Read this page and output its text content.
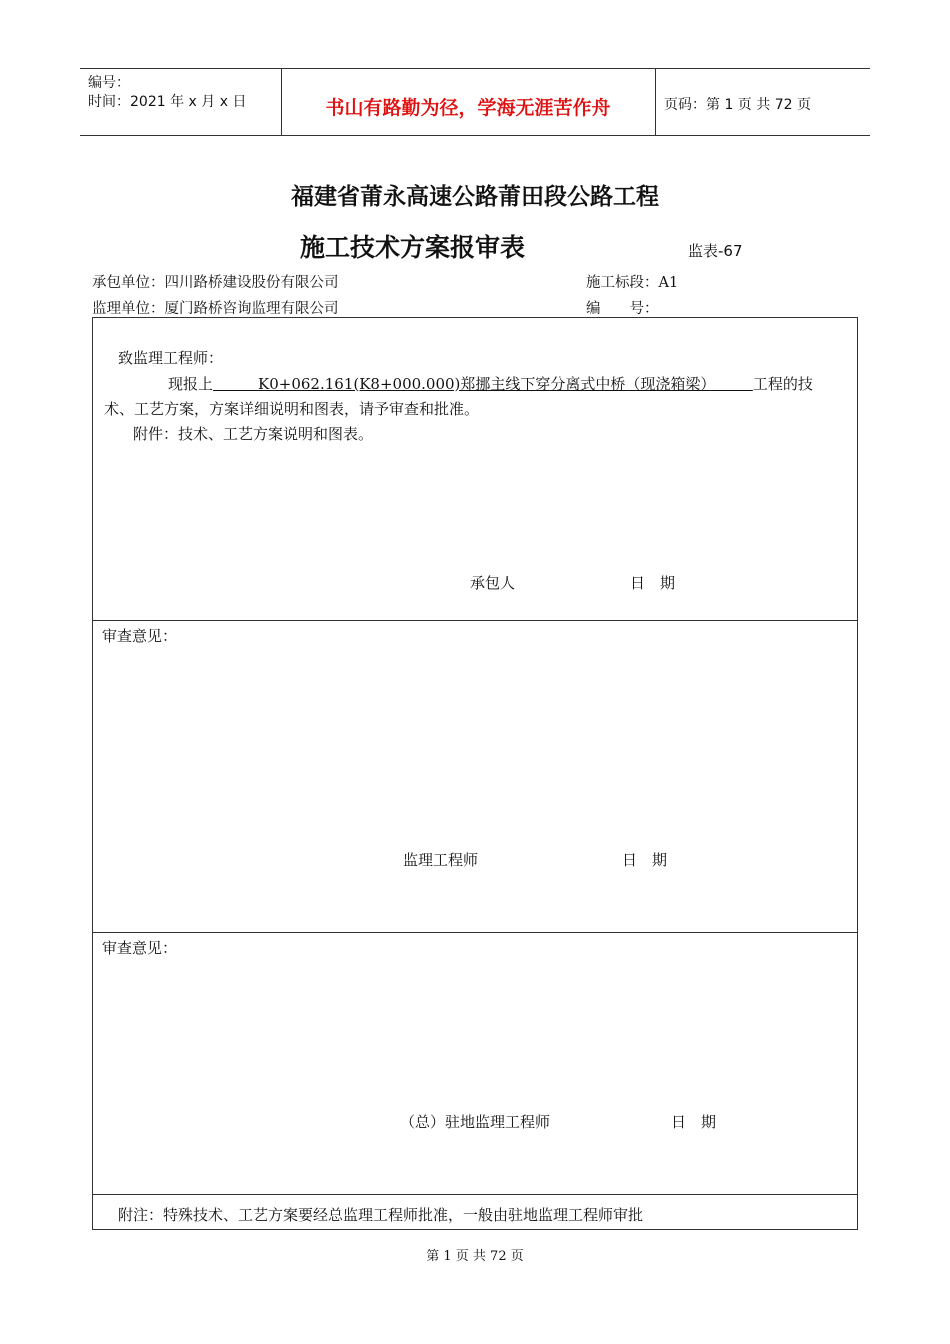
编号：
时间：2021 年 x 月 x 日	书山有路勤为径，学海无涯苦作舟	页码：第 1 页 共 72 页
福建省莆永高速公路莆田段公路工程
施工技术方案报审表	监表-67
承包单位：四川路桥建设股份有限公司	施工标段：A1
监理单位：厦门路桥咨询监理有限公司	编　　号：
致监理工程师：
现报上　　　K0+062.161(K8+000.000)郑挪主线下穿分离式中桥（现浇箱梁）　　　工程的技
术、工艺方案，方案详细说明和图表，请予审查和批准。
附件：技术、工艺方案说明和图表。
承包人	日　期
审查意见：
监理工程师	日　期
审查意见：
（总）驻地监理工程师	日　期
附注：特殊技术、工艺方案要经总监理工程师批准，一般由驻地监理工程师审批
第 1 页 共 72 页
